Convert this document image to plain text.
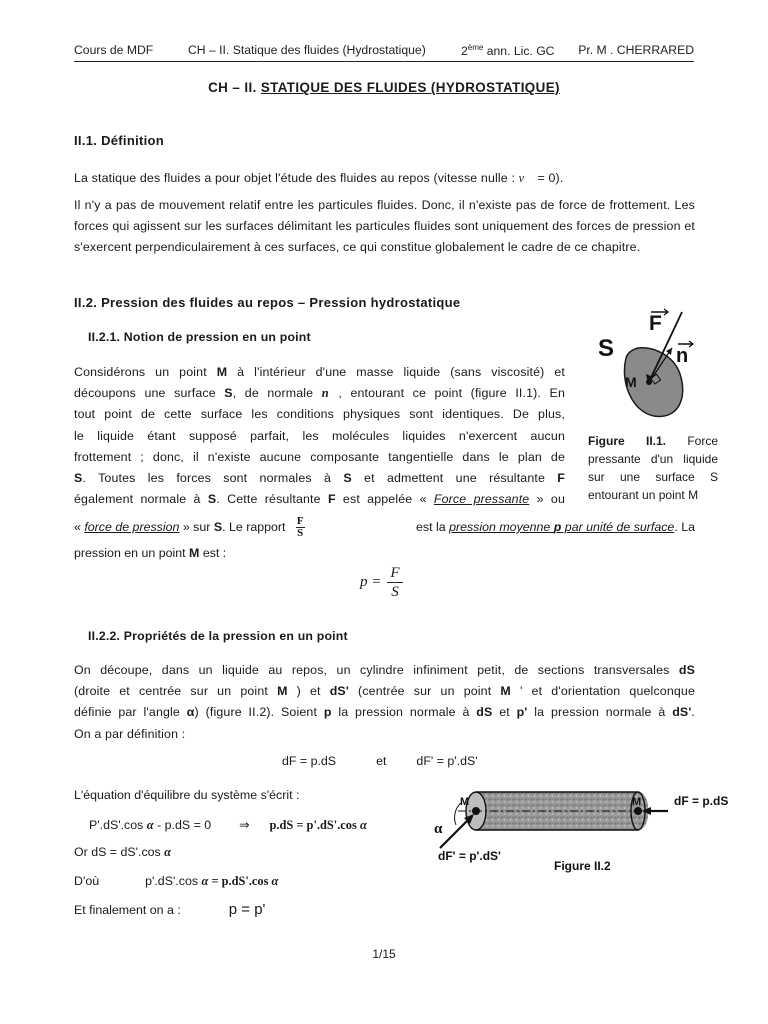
Cours de MDF	CH – II. Statique des fluides (Hydrostatique)	2ème ann. Lic. GC Pr. M . CHERRARED
CH – II. STATIQUE DES FLUIDES (HYDROSTATIQUE)
II.1. Définition
La statique des fluides a pour objet l'étude des fluides au repos (vitesse nulle : v⃗ = 0).
Il n'y a pas de mouvement relatif entre les particules fluides. Donc, il n'existe pas de force de frottement. Les forces qui agissent sur les surfaces délimitant les particules fluides sont uniquement des forces de pression et s'exercent perpendiculairement à ces surfaces, ce qui constitue globalement le cadre de ce chapitre.
II.2. Pression des fluides au repos – Pression hydrostatique
II.2.1. Notion de pression en un point
Considérons un point M à l'intérieur d'une masse liquide (sans viscosité) et
découpons une surface S, de normale n⃗, entourant ce point (figure II.1). En
tout point de cette surface les conditions physiques sont identiques. De plus,
le liquide étant supposé parfait, les molécules liquides n'exercent aucun
frottement ; donc, il n'existe aucune composante tangentielle dans le plan de
S. Toutes les forces sont normales à S et admettent une résultante F
également normale à S. Cette résultante F est appelée « Force pressante » ou
« force de pression » sur S. Le rapport $\frac{F}{S}$	est la pression moyenne p par unité de surface. La
pression en un point M est :
$p = \frac{F}{S}$
S
F
n
M
Figure II.1. Force pressante d'un liquide sur une surface S entourant un point M
II.2.2. Propriétés de la pression en un point
On découpe, dans un liquide au repos, un cylindre infiniment petit, de sections transversales dS
(droite et centrée sur un point M ) et dS' (centrée sur un point M ' et d'orientation quelconque
définie par l'angle α) (figure II.2). Soient p la pression normale à dS et p' la pression normale à dS'.
On a par définition :
dF = p.dS	et dF' = p'.dS'
L'équation d'équilibre du système s'écrit :
P'.dS'.cos α - p.dS = 0 ⇒ p.dS = p'.dS'.cos α
Or dS = dS'.cos α
D'où	p'.dS'.cos α = p.dS'.cos α
Et finalement on a :	p = p'
M	M
α
dF = p.dS
dF' = p'.dS'
Figure II.2
1/15
